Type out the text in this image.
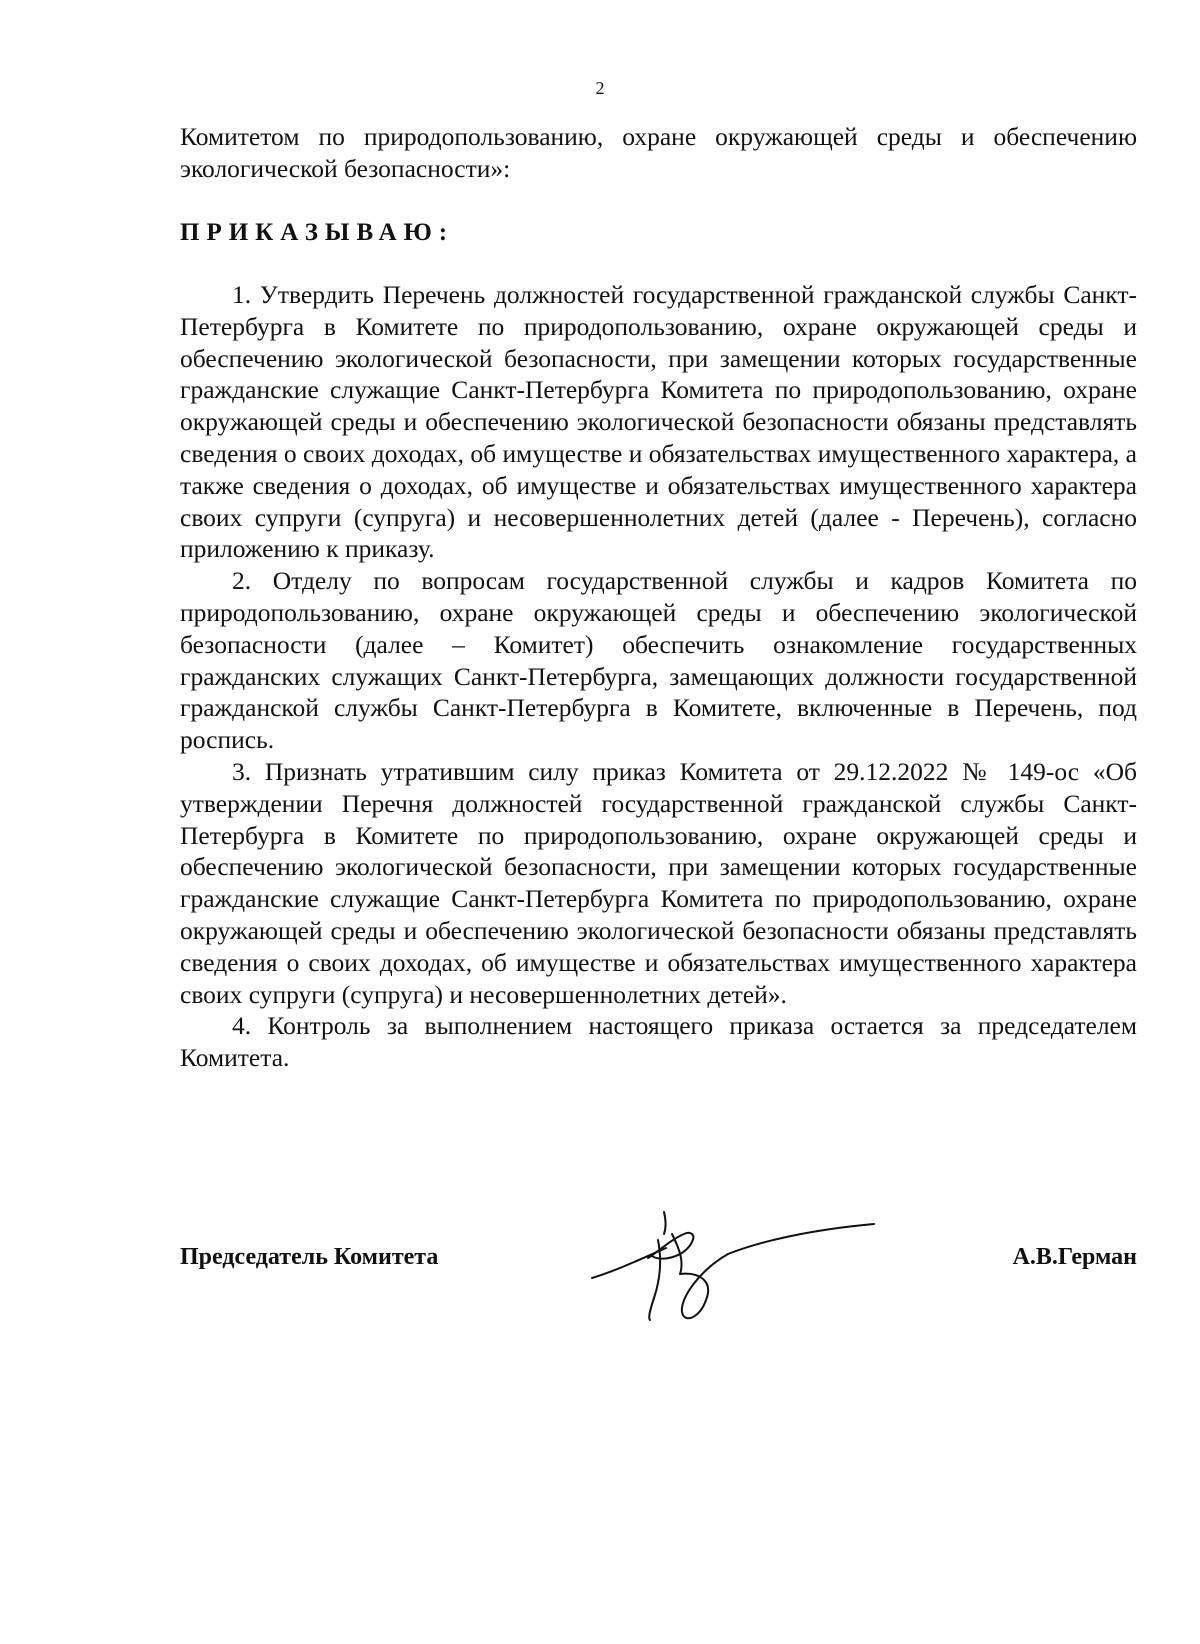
2

Комитетом по природопользованию, охране окружающей среды и обеспечению экологической безопасности»:

ПРИКАЗЫВАЮ:

1. Утвердить Перечень должностей государственной гражданской службы Санкт-Петербурга в Комитете по природопользованию, охране окружающей среды и обеспечению экологической безопасности, при замещении которых государственные гражданские служащие Санкт-Петербурга Комитета по природопользованию, охране окружающей среды и обеспечению экологической безопасности обязаны представлять сведения о своих доходах, об имуществе и обязательствах имущественного характера, а также сведения о доходах, об имуществе и обязательствах имущественного характера своих супруги (супруга) и несовершеннолетних детей (далее - Перечень), согласно приложению к приказу.

2. Отделу по вопросам государственной службы и кадров Комитета по природопользованию, охране окружающей среды и обеспечению экологической безопасности (далее – Комитет) обеспечить ознакомление государственных гражданских служащих Санкт-Петербурга, замещающих должности государственной гражданской службы Санкт-Петербурга в Комитете, включенные в Перечень, под роспись.

3. Признать утратившим силу приказ Комитета от 29.12.2022 № 149-ос «Об утверждении Перечня должностей государственной гражданской службы Санкт-Петербурга в Комитете по природопользованию, охране окружающей среды и обеспечению экологической безопасности, при замещении которых государственные гражданские служащие Санкт-Петербурга Комитета по природопользованию, охране окружающей среды и обеспечению экологической безопасности обязаны представлять сведения о своих доходах, об имуществе и обязательствах имущественного характера своих супруги (супруга) и несовершеннолетних детей».

4. Контроль за выполнением настоящего приказа остается за председателем Комитета.

Председатель Комитета	А.В.Герман
